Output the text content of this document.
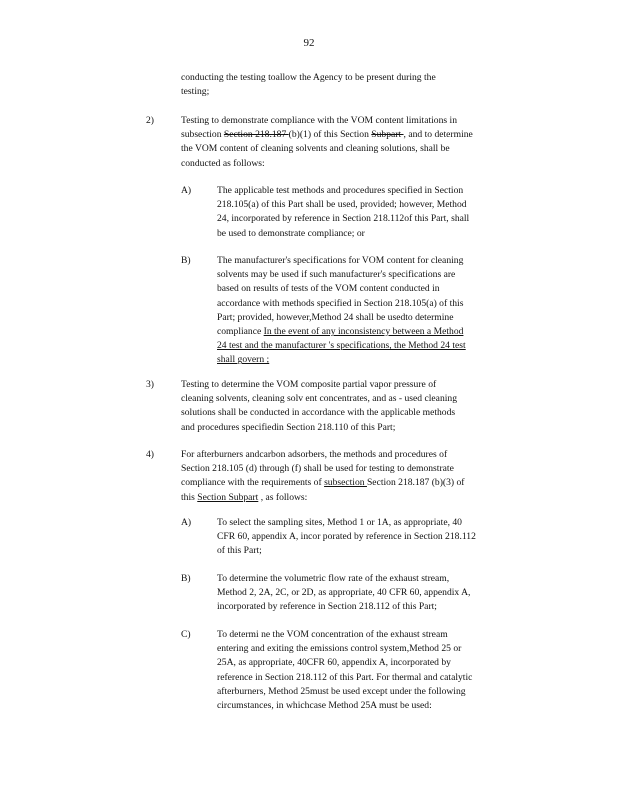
92
conducting the testing toallow the Agency to be present during the
testing;
2)	Testing to demonstrate compliance with the VOM content limitations in
subsection Section 218.187 (b)(1) of this Section Subpart , and to determine
the VOM content of cleaning solvents and cleaning solutions, shall be
conducted as follows:
A)	The applicable test methods and procedures specified in Section
218.105(a) of this Part shall be used, provided; however, Method
24, incorporated by reference in Section 218.112of this Part, shall
be used to demonstrate compliance; or
B)	The manufacturer's specifications for VOM content for cleaning
solvents may be used if such manufacturer's specifications are
based on results of tests of the VOM content conducted in
accordance with methods specified in Section 218.105(a) of this
Part; provided, however,Method 24 shall be usedto determine
compliance In the event of any inconsistency between a Method
24 test and the manufacturer 's specifications, the Method 24 test
shall govern ;
3)	Testing to determine the VOM composite partial vapor pressure of
cleaning solvents, cleaning solv ent concentrates, and as - used cleaning
solutions shall be conducted in accordance with the applicable methods
and procedures specifiedin Section 218.110 of this Part;
4)	For afterburners andcarbon adsorbers, the methods and procedures of
Section 218.105 (d) through (f) shall be used for testing to demonstrate
compliance with the requirements of subsection Section 218.187 (b)(3) of
this Section Subpart , as follows:
A)	To select the sampling sites, Method 1 or 1A, as appropriate, 40
CFR 60, appendix A, incor porated by reference in Section 218.112
of this Part;
B)	To determine the volumetric flow rate of the exhaust stream,
Method 2, 2A, 2C, or 2D, as appropriate, 40 CFR 60, appendix A,
incorporated by reference in Section 218.112 of this Part;
C)	To determi ne the VOM concentration of the exhaust stream
entering and exiting the emissions control system,Method 25 or
25A, as appropriate, 40CFR 60, appendix A, incorporated by
reference in Section 218.112 of this Part. For thermal and catalytic
afterburners, Method 25must be used except under the following
circumstances, in whichcase Method 25A must be used:
